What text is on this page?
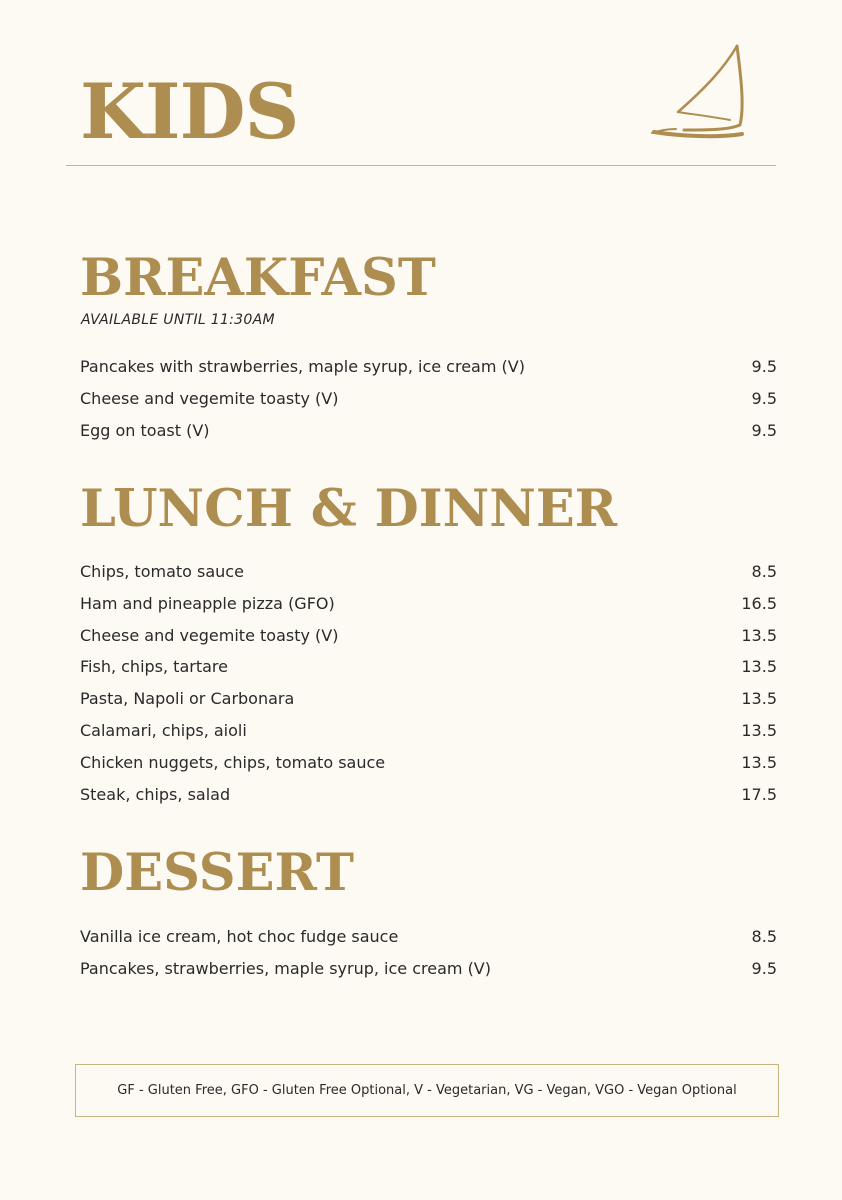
KIDS
BREAKFAST
AVAILABLE UNTIL 11:30AM
Pancakes with strawberries, maple syrup, ice cream (V)	9.5
Cheese and vegemite toasty (V)	9.5
Egg on toast (V)	9.5
LUNCH & DINNER
Chips, tomato sauce	8.5
Ham and pineapple pizza (GFO)	16.5
Cheese and vegemite toasty (V)	13.5
Fish, chips, tartare	13.5
Pasta, Napoli or Carbonara	13.5
Calamari, chips, aioli	13.5
Chicken nuggets, chips, tomato sauce	13.5
Steak, chips, salad	17.5
DESSERT
Vanilla ice cream, hot choc fudge sauce	8.5
Pancakes, strawberries, maple syrup, ice cream (V)	9.5
GF - Gluten Free, GFO - Gluten Free Optional, V - Vegetarian, VG - Vegan, VGO - Vegan Optional
